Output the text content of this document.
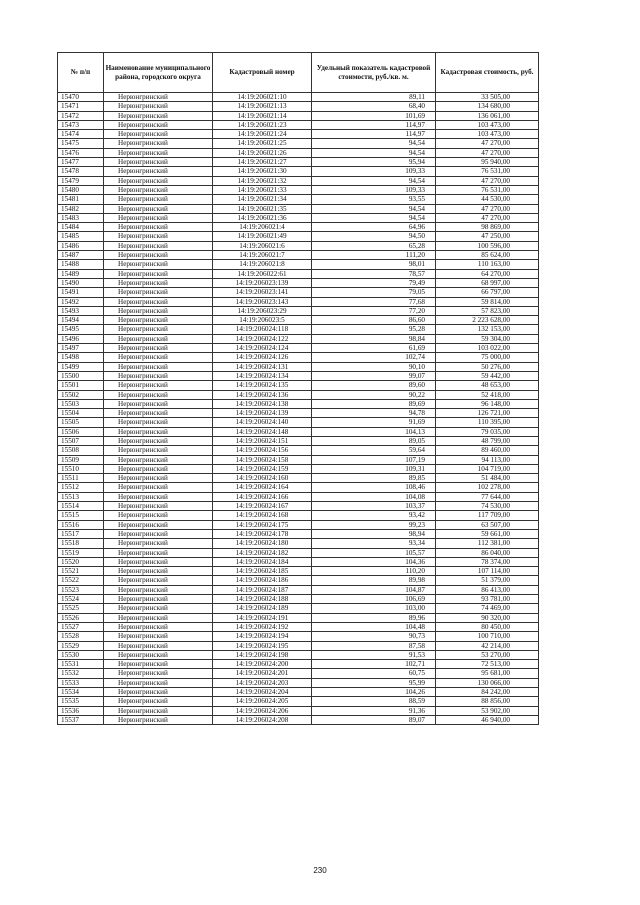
№ п/п	Наименование муниципального района, городского округа	Кадастровый номер	Удельный показатель кадастровой стоимости, руб./кв. м.	Кадастровая стоимость, руб.
15470	Нерюнгринский	14:19:206021:10	89,11	33 505,00
15471	Нерюнгринский	14:19:206021:13	68,40	134 680,00
15472	Нерюнгринский	14:19:206021:14	101,69	136 061,00
15473	Нерюнгринский	14:19:206021:23	114,97	103 473,00
15474	Нерюнгринский	14:19:206021:24	114,97	103 473,00
15475	Нерюнгринский	14:19:206021:25	94,54	47 270,00
15476	Нерюнгринский	14:19:206021:26	94,54	47 270,00
15477	Нерюнгринский	14:19:206021:27	95,94	95 940,00
15478	Нерюнгринский	14:19:206021:30	109,33	76 531,00
15479	Нерюнгринский	14:19:206021:32	94,54	47 270,00
15480	Нерюнгринский	14:19:206021:33	109,33	76 531,00
15481	Нерюнгринский	14:19:206021:34	93,55	44 530,00
15482	Нерюнгринский	14:19:206021:35	94,54	47 270,00
15483	Нерюнгринский	14:19:206021:36	94,54	47 270,00
15484	Нерюнгринский	14:19:206021:4	64,96	98 869,00
15485	Нерюнгринский	14:19:206021:49	94,50	47 250,00
15486	Нерюнгринский	14:19:206021:6	65,28	100 596,00
15487	Нерюнгринский	14:19:206021:7	111,20	85 624,00
15488	Нерюнгринский	14:19:206021:8	98,01	110 163,00
15489	Нерюнгринский	14:19:206022:61	78,57	64 270,00
15490	Нерюнгринский	14:19:206023:139	79,49	68 997,00
15491	Нерюнгринский	14:19:206023:141	79,05	66 797,00
15492	Нерюнгринский	14:19:206023:143	77,68	59 814,00
15493	Нерюнгринский	14:19:206023:29	77,20	57 823,00
15494	Нерюнгринский	14:19:206023:5	86,60	2 223 628,00
15495	Нерюнгринский	14:19:206024:118	95,28	132 153,00
15496	Нерюнгринский	14:19:206024:122	98,84	59 304,00
15497	Нерюнгринский	14:19:206024:124	61,69	103 022,00
15498	Нерюнгринский	14:19:206024:126	102,74	75 000,00
15499	Нерюнгринский	14:19:206024:131	90,10	50 276,00
15500	Нерюнгринский	14:19:206024:134	99,07	59 442,00
15501	Нерюнгринский	14:19:206024:135	89,60	48 653,00
15502	Нерюнгринский	14:19:206024:136	90,22	52 418,00
15503	Нерюнгринский	14:19:206024:138	89,69	96 148,00
15504	Нерюнгринский	14:19:206024:139	94,78	126 721,00
15505	Нерюнгринский	14:19:206024:140	91,69	110 395,00
15506	Нерюнгринский	14:19:206024:148	104,13	79 035,00
15507	Нерюнгринский	14:19:206024:151	89,05	48 799,00
15508	Нерюнгринский	14:19:206024:156	59,64	89 460,00
15509	Нерюнгринский	14:19:206024:158	107,19	94 113,00
15510	Нерюнгринский	14:19:206024:159	109,31	104 719,00
15511	Нерюнгринский	14:19:206024:160	89,85	51 484,00
15512	Нерюнгринский	14:19:206024:164	108,46	102 278,00
15513	Нерюнгринский	14:19:206024:166	104,08	77 644,00
15514	Нерюнгринский	14:19:206024:167	103,37	74 530,00
15515	Нерюнгринский	14:19:206024:168	93,42	117 709,00
15516	Нерюнгринский	14:19:206024:175	99,23	63 507,00
15517	Нерюнгринский	14:19:206024:178	98,94	59 661,00
15518	Нерюнгринский	14:19:206024:180	93,34	112 381,00
15519	Нерюнгринский	14:19:206024:182	105,57	86 040,00
15520	Нерюнгринский	14:19:206024:184	104,36	78 374,00
15521	Нерюнгринский	14:19:206024:185	110,20	107 114,00
15522	Нерюнгринский	14:19:206024:186	89,98	51 379,00
15523	Нерюнгринский	14:19:206024:187	104,87	86 413,00
15524	Нерюнгринский	14:19:206024:188	106,69	93 781,00
15525	Нерюнгринский	14:19:206024:189	103,00	74 469,00
15526	Нерюнгринский	14:19:206024:191	89,96	90 320,00
15527	Нерюнгринский	14:19:206024:192	104,48	80 450,00
15528	Нерюнгринский	14:19:206024:194	90,73	100 710,00
15529	Нерюнгринский	14:19:206024:195	87,58	42 214,00
15530	Нерюнгринский	14:19:206024:198	91,53	53 270,00
15531	Нерюнгринский	14:19:206024:200	102,71	72 513,00
15532	Нерюнгринский	14:19:206024:201	60,75	95 681,00
15533	Нерюнгринский	14:19:206024:203	95,99	130 066,00
15534	Нерюнгринский	14:19:206024:204	104,26	84 242,00
15535	Нерюнгринский	14:19:206024:205	88,59	88 856,00
15536	Нерюнгринский	14:19:206024:206	91,36	53 902,00
15537	Нерюнгринский	14:19:206024:208	89,07	46 940,00
230
